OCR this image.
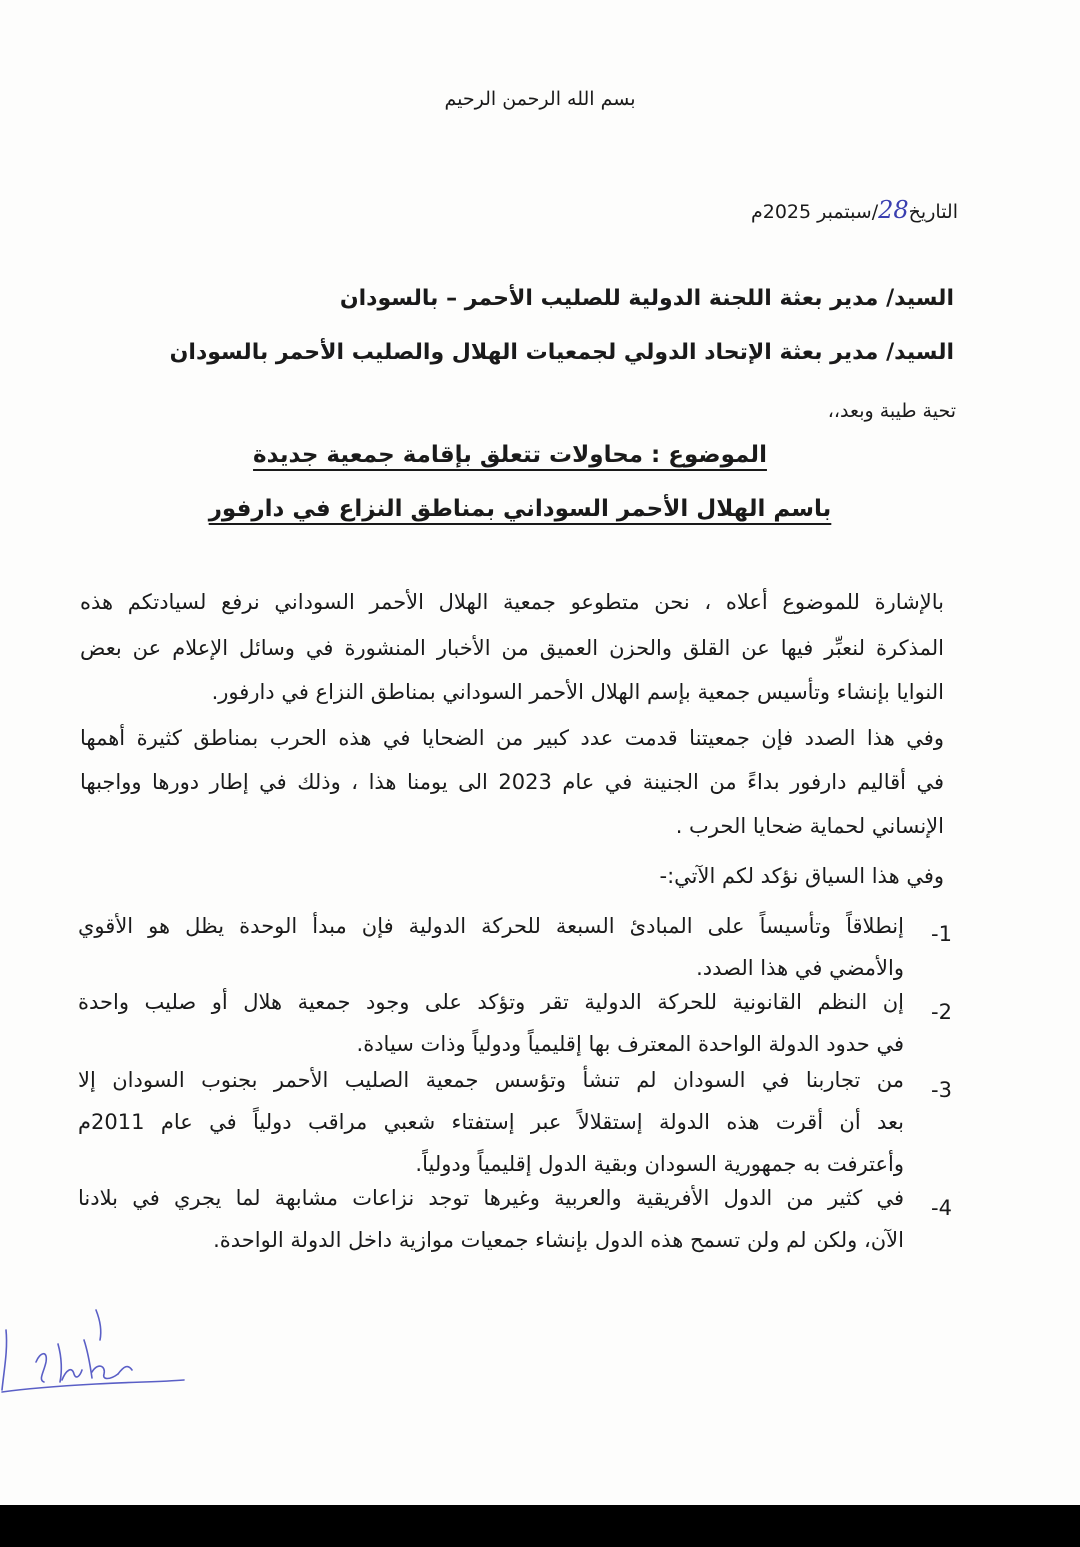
بسم الله الرحمن الرحيم
التاريخ28/سبتمبر 2025م
السيد/ مدير بعثة اللجنة الدولية للصليب الأحمر – بالسودان
السيد/ مدير بعثة الإتحاد الدولي لجمعيات الهلال والصليب الأحمر بالسودان
تحية طيبة وبعد،،
الموضوع : محاولات تتعلق بإقامة جمعية جديدة
باسم الهلال الأحمر السوداني بمناطق النزاع في دارفور
بالإشارة للموضوع أعلاه ، نحن متطوعو جمعية الهلال الأحمر السوداني نرفع لسيادتكم هذه
المذكرة لنعبِّر فيها عن القلق والحزن العميق من الأخبار المنشورة في وسائل الإعلام عن بعض
النوايا بإنشاء وتأسيس جمعية بإسم الهلال الأحمر السوداني بمناطق النزاع في دارفور.
وفي هذا الصدد فإن جمعيتنا قدمت عدد كبير من الضحايا في هذه الحرب بمناطق كثيرة أهمها
في أقاليم دارفور بداءً من الجنينة في عام 2023 الى يومنا هذا ، وذلك في إطار دورها وواجبها
الإنساني لحماية ضحايا الحرب .
وفي هذا السياق نؤكد لكم الآتي:-
-1
إنطلاقاً وتأسيساً على المبادئ السبعة للحركة الدولية فإن مبدأ الوحدة يظل هو الأقوي
والأمضي في هذا الصدد.
-2
إن النظم القانونية للحركة الدولية تقر وتؤكد على وجود جمعية هلال أو صليب واحدة
في حدود الدولة الواحدة المعترف بها إقليمياً ودولياً وذات سيادة.
-3
من تجاربنا في السودان لم تنشأ وتؤسس جمعية الصليب الأحمر بجنوب السودان إلا
بعد أن أقرت هذه الدولة إستقلالاً عبر إستفتاء شعبي مراقب دولياً في عام 2011م
وأعترفت به جمهورية السودان وبقية الدول إقليمياً ودولياً.
-4
في كثير من الدول الأفريقية والعربية وغيرها توجد نزاعات مشابهة لما يجري في بلادنا
الآن، ولكن لم ولن تسمح هذه الدول بإنشاء جمعيات موازية داخل الدولة الواحدة.
